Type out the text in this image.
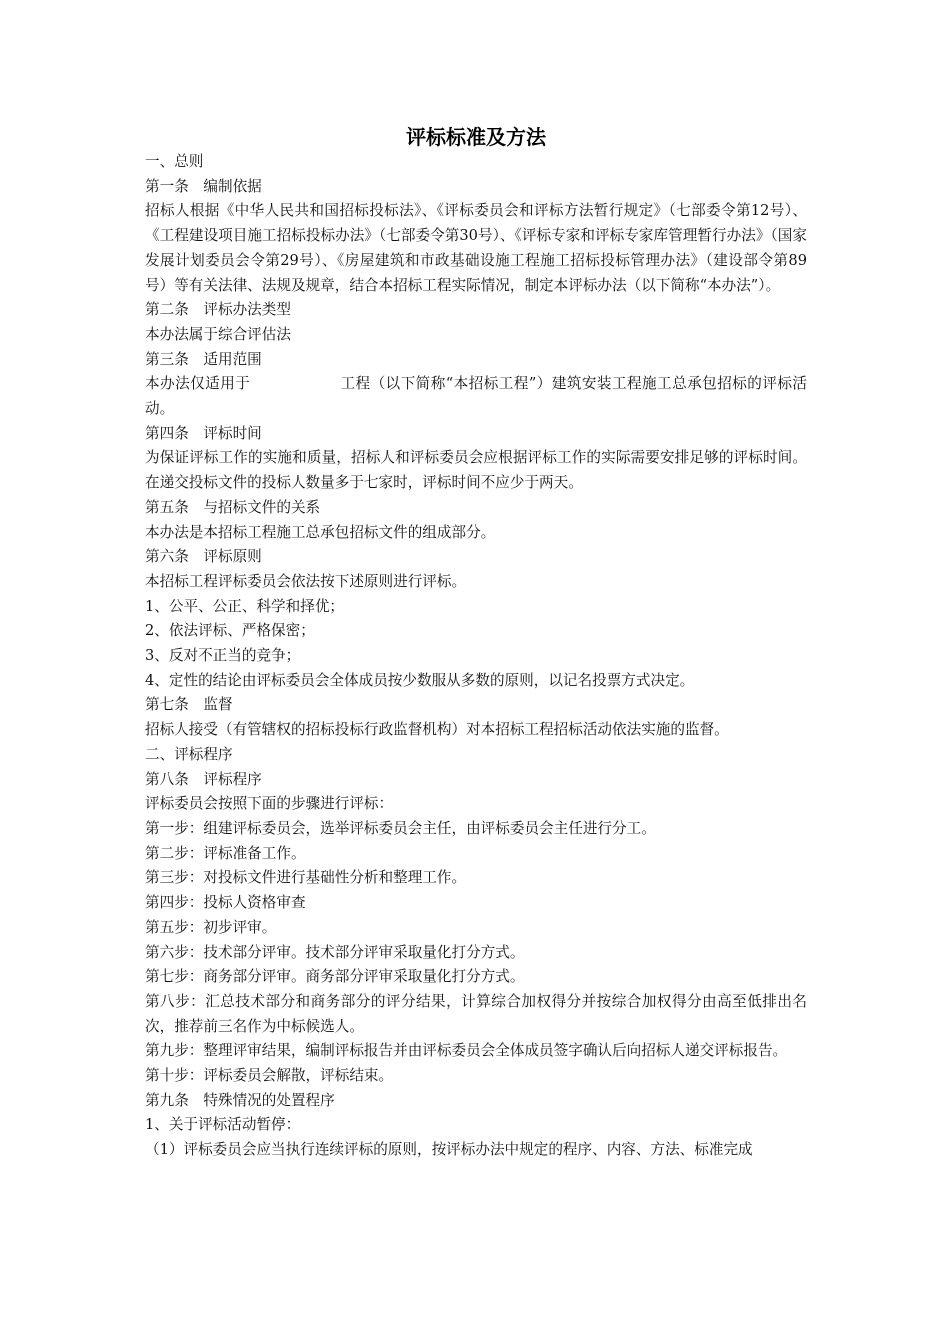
评标标准及方法

一、总则

第一条　编制依据

招标人根据《中华人民共和国招标投标法》、《评标委员会和评标方法暂行规定》（七部委令第12号）、《工程建设项目施工招标投标办法》（七部委令第30号）、《评标专家和评标专家库管理暂行办法》（国家发展计划委员会令第29号）、《房屋建筑和市政基础设施工程施工招标投标管理办法》（建设部令第89号）等有关法律、法规及规章，结合本招标工程实际情况，制定本评标办法（以下简称“本办法”）。

第二条　评标办法类型

本办法属于综合评估法

第三条　适用范围

本办法仅适用于　　　　　　工程（以下简称“本招标工程”）建筑安装工程施工总承包招标的评标活动。

第四条　评标时间

为保证评标工作的实施和质量，招标人和评标委员会应根据评标工作的实际需要安排足够的评标时间。在递交投标文件的投标人数量多于七家时，评标时间不应少于两天。

第五条　与招标文件的关系

本办法是本招标工程施工总承包招标文件的组成部分。

第六条　评标原则

本招标工程评标委员会依法按下述原则进行评标。

1、公平、公正、科学和择优；

2、依法评标、严格保密；

3、反对不正当的竞争；

4、定性的结论由评标委员会全体成员按少数服从多数的原则，以记名投票方式决定。

第七条　监督

招标人接受（有管辖权的招标投标行政监督机构）对本招标工程招标活动依法实施的监督。

二、评标程序

第八条　评标程序

评标委员会按照下面的步骤进行评标：

第一步：组建评标委员会，选举评标委员会主任，由评标委员会主任进行分工。

第二步：评标准备工作。

第三步：对投标文件进行基础性分析和整理工作。

第四步：投标人资格审查

第五步：初步评审。

第六步：技术部分评审。技术部分评审采取量化打分方式。

第七步：商务部分评审。商务部分评审采取量化打分方式。

第八步：汇总技术部分和商务部分的评分结果，计算综合加权得分并按综合加权得分由高至低排出名次，推荐前三名作为中标候选人。

第九步：整理评审结果，编制评标报告并由评标委员会全体成员签字确认后向招标人递交评标报告。

第十步：评标委员会解散，评标结束。

第九条　特殊情况的处置程序

1、关于评标活动暂停：

（1）评标委员会应当执行连续评标的原则，按评标办法中规定的程序、内容、方法、标准完成
